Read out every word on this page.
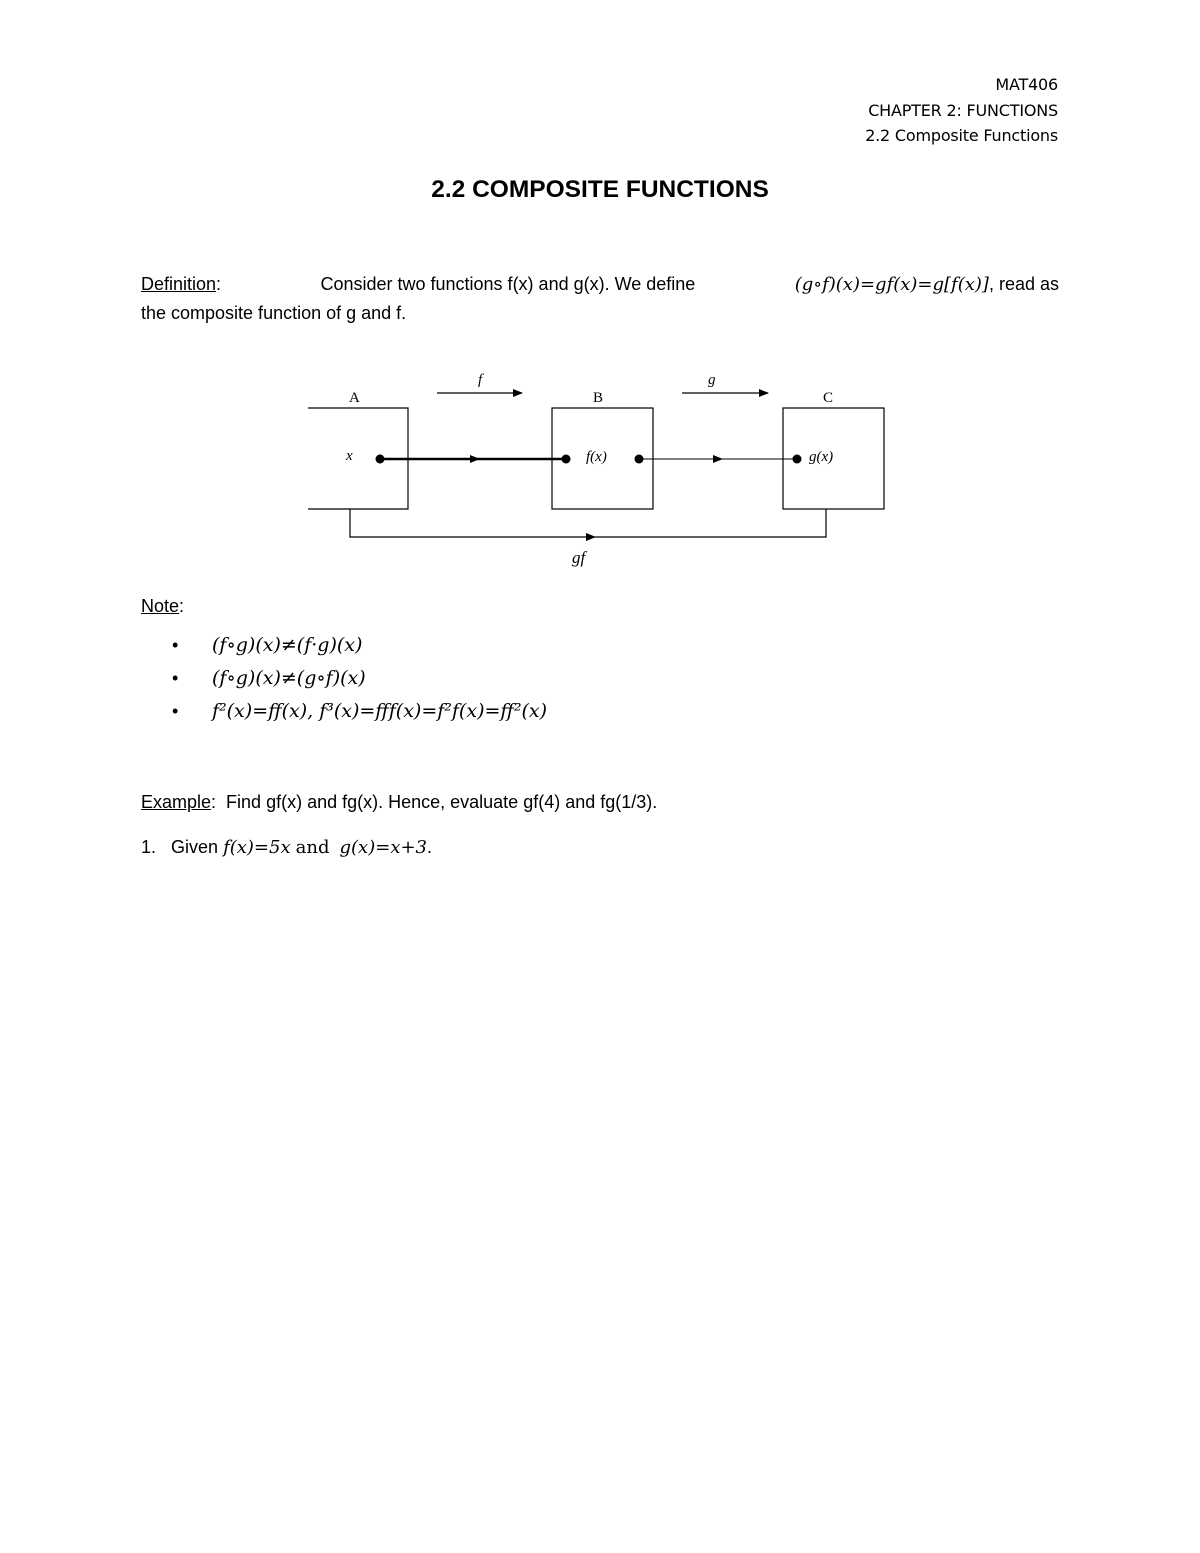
MAT406
CHAPTER 2: FUNCTIONS
2.2 Composite Functions
2.2 COMPOSITE FUNCTIONS
Definition:	Consider two functions f(x) and g(x). We define	(g∘f)(x)=gf(x)=g[f(x)], read as
the composite function of g and f.
A	B	C
f	g
x	f(x)	g(x)
gf
Note:
•	(f∘g)(x)≠(f·g)(x)
•	(f∘g)(x)≠(g∘f)(x)
•	f²(x)=ff(x), f³(x)=fff(x)=f²f(x)=ff²(x)
Example:  Find gf(x) and fg(x). Hence, evaluate gf(4) and fg(1/3).
1. Given f(x)=5x and g(x)=x+3.
